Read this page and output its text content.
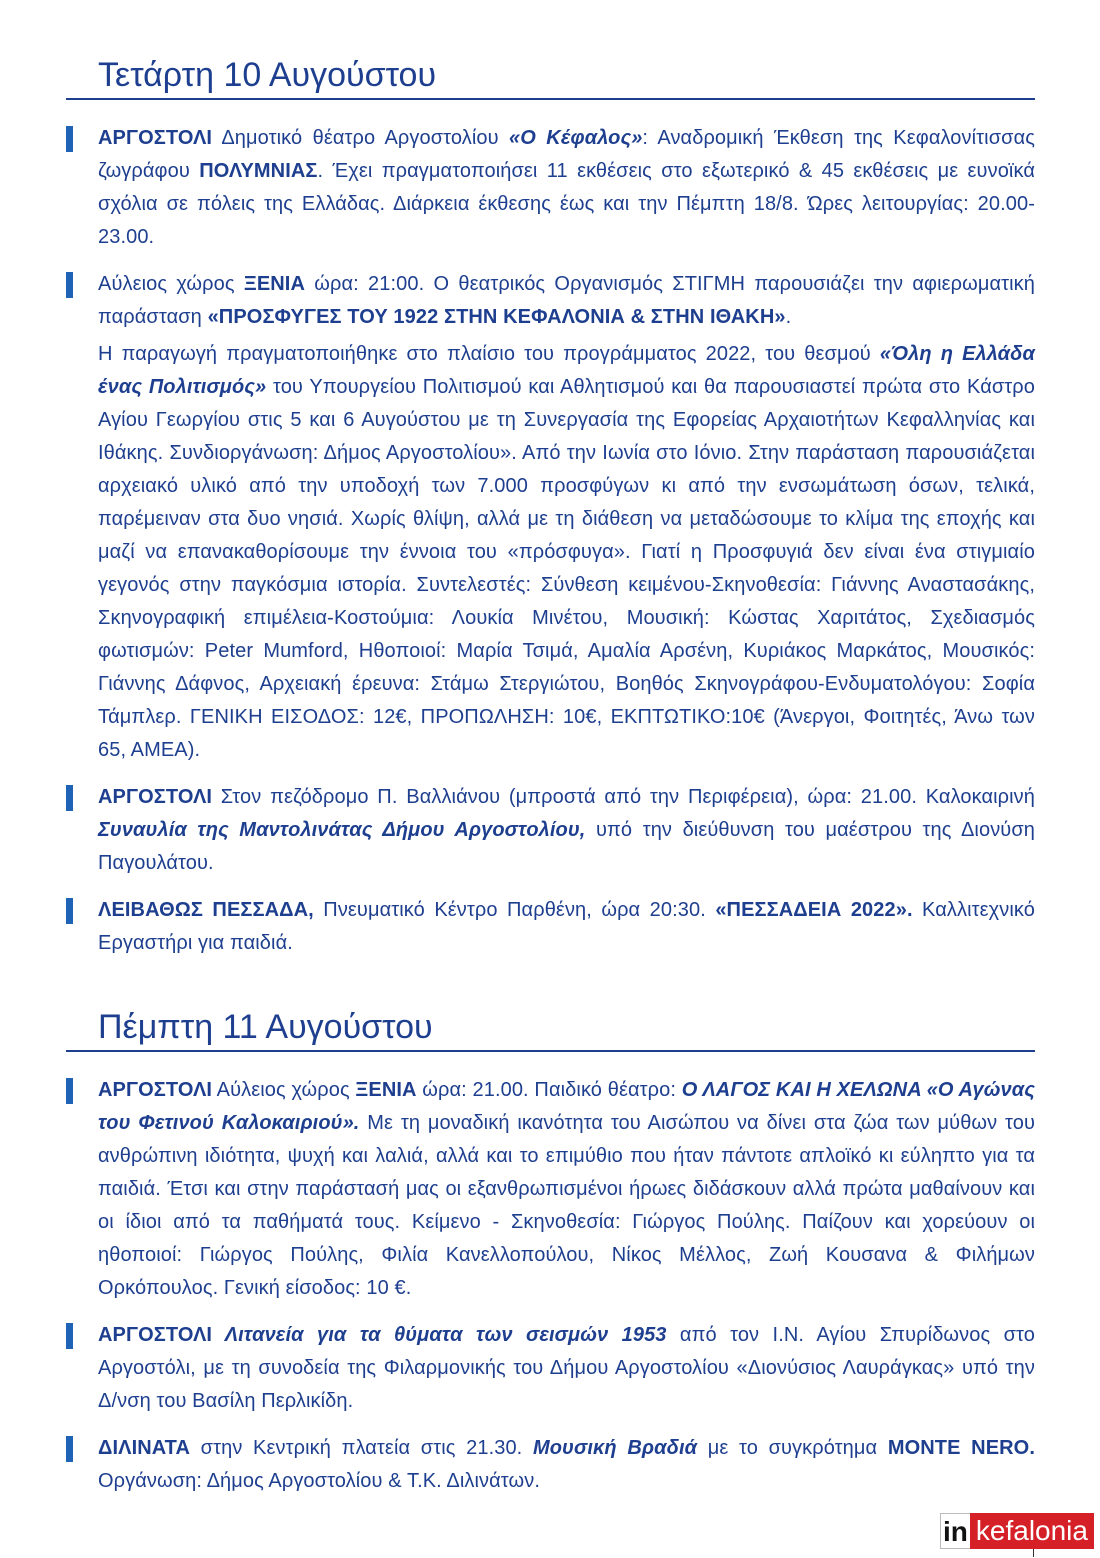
Τετάρτη 10 Αυγούστου

ΑΡΓΟΣΤΟΛΙ Δημοτικό θέατρο Αργοστολίου «Ο Κέφαλος»: Αναδρομική Έκθεση της Κεφαλονίτισσας ζωγράφου ΠΟΛΥΜΝΙΑΣ. Έχει πραγματοποιήσει 11 εκθέσεις στο εξωτερικό & 45 εκθέσεις με ευνοϊκά σχόλια σε πόλεις της Ελλάδας. Διάρκεια έκθεσης έως και την Πέμπτη 18/8. Ώρες λειτουργίας: 20.00-23.00.

Αύλειος χώρος ΞΕΝΙΑ ώρα: 21:00. Ο θεατρικός Οργανισμός ΣΤΙΓΜΗ παρουσιάζει την αφιερωματική παράσταση «ΠΡΟΣΦΥΓΕΣ ΤΟΥ 1922 ΣΤΗΝ ΚΕΦΑΛΟΝΙΑ & ΣΤΗΝ ΙΘΑΚΗ».

Η παραγωγή πραγματοποιήθηκε στο πλαίσιο του προγράμματος 2022, του θεσμού «Όλη η Ελλάδα ένας Πολιτισμός» του Υπουργείου Πολιτισμού και Αθλητισμού και θα παρουσιαστεί πρώτα στο Κάστρο Αγίου Γεωργίου στις 5 και 6 Αυγούστου με τη Συνεργασία της Εφορείας Αρχαιοτήτων Κεφαλληνίας και Ιθάκης. Συνδιοργάνωση: Δήμος Αργοστολίου». Από την Ιωνία στο Ιόνιο. Στην παράσταση παρουσιάζεται αρχειακό υλικό από την υποδοχή των 7.000 προσφύγων κι από την ενσωμάτωση όσων, τελικά, παρέμειναν στα δυο νησιά. Χωρίς θλίψη, αλλά με τη διάθεση να μεταδώσουμε το κλίμα της εποχής και μαζί να επανακαθορίσουμε την έννοια του «πρόσφυγα». Γιατί η Προσφυγιά δεν είναι ένα στιγμιαίο γεγονός στην παγκόσμια ιστορία. Συντελεστές: Σύνθεση κειμένου-Σκηνοθεσία: Γιάννης Αναστασάκης, Σκηνογραφική επιμέλεια-Κοστούμια: Λουκία Μινέτου, Μουσική: Κώστας Χαριτάτος, Σχεδιασμός φωτισμών: Peter Mumford, Ηθοποιοί: Μαρία Τσιμά, Αμαλία Αρσένη, Κυριάκος Μαρκάτος, Μουσικός: Γιάννης Δάφνος, Αρχειακή έρευνα: Στάμω Στεργιώτου, Βοηθός Σκηνογράφου-Ενδυματολόγου: Σοφία Τάμπλερ. ΓΕΝΙΚΗ ΕΙΣΟΔΟΣ: 12€, ΠΡΟΠΩΛΗΣΗ: 10€, ΕΚΠΤΩΤΙΚΟ:10€ (Άνεργοι, Φοιτητές, Άνω των 65, ΑΜΕΑ).

ΑΡΓΟΣΤΟΛΙ Στον πεζόδρομο Π. Βαλλιάνου (μπροστά από την Περιφέρεια), ώρα: 21.00. Καλοκαιρινή Συναυλία της Μαντολινάτας Δήμου Αργοστολίου, υπό την διεύθυνση του μαέστρου της Διονύση Παγουλάτου.

ΛΕΙΒΑΘΩΣ ΠΕΣΣΑΔΑ, Πνευματικό Κέντρο Παρθένη, ώρα 20:30. «ΠΕΣΣΑΔΕΙΑ 2022». Καλλιτεχνικό Εργαστήρι για παιδιά.

Πέμπτη 11 Αυγούστου

ΑΡΓΟΣΤΟΛΙ Αύλειος χώρος ΞΕΝΙΑ ώρα: 21.00. Παιδικό θέατρο: Ο ΛΑΓΟΣ ΚΑΙ Η ΧΕΛΩΝΑ «Ο Αγώνας του Φετινού Καλοκαιριού». Με τη μοναδική ικανότητα του Αισώπου να δίνει στα ζώα των μύθων του ανθρώπινη ιδιότητα, ψυχή και λαλιά, αλλά και το επιμύθιο που ήταν πάντοτε απλοϊκό κι εύληπτο για τα παιδιά. Έτσι και στην παράστασή μας οι εξανθρωπισμένοι ήρωες διδάσκουν αλλά πρώτα μαθαίνουν και οι ίδιοι από τα παθήματά τους. Κείμενο - Σκηνοθεσία: Γιώργος Πούλης. Παίζουν και χορεύουν οι ηθοποιοί: Γιώργος Πούλης, Φιλία Κανελλοπούλου, Νίκος Μέλλος, Ζωή Κουσανα & Φιλήμων Ορκόπουλος. Γενική είσοδος: 10 €.

ΑΡΓΟΣΤΟΛΙ Λιτανεία για τα θύματα των σεισμών 1953 από τον Ι.Ν. Αγίου Σπυρίδωνος στο Αργοστόλι, με τη συνοδεία της Φιλαρμονικής του Δήμου Αργοστολίου «Διονύσιος Λαυράγκας» υπό την Δ/νση του Βασίλη Περλικίδη.

ΔΙΛΙΝΑΤΑ στην Κεντρική πλατεία στις 21.30. Μουσική Βραδιά με το συγκρότημα MONTE NERO. Οργάνωση: Δήμος Αργοστολίου & Τ.Κ. Διλινάτων.

in kefalonia
